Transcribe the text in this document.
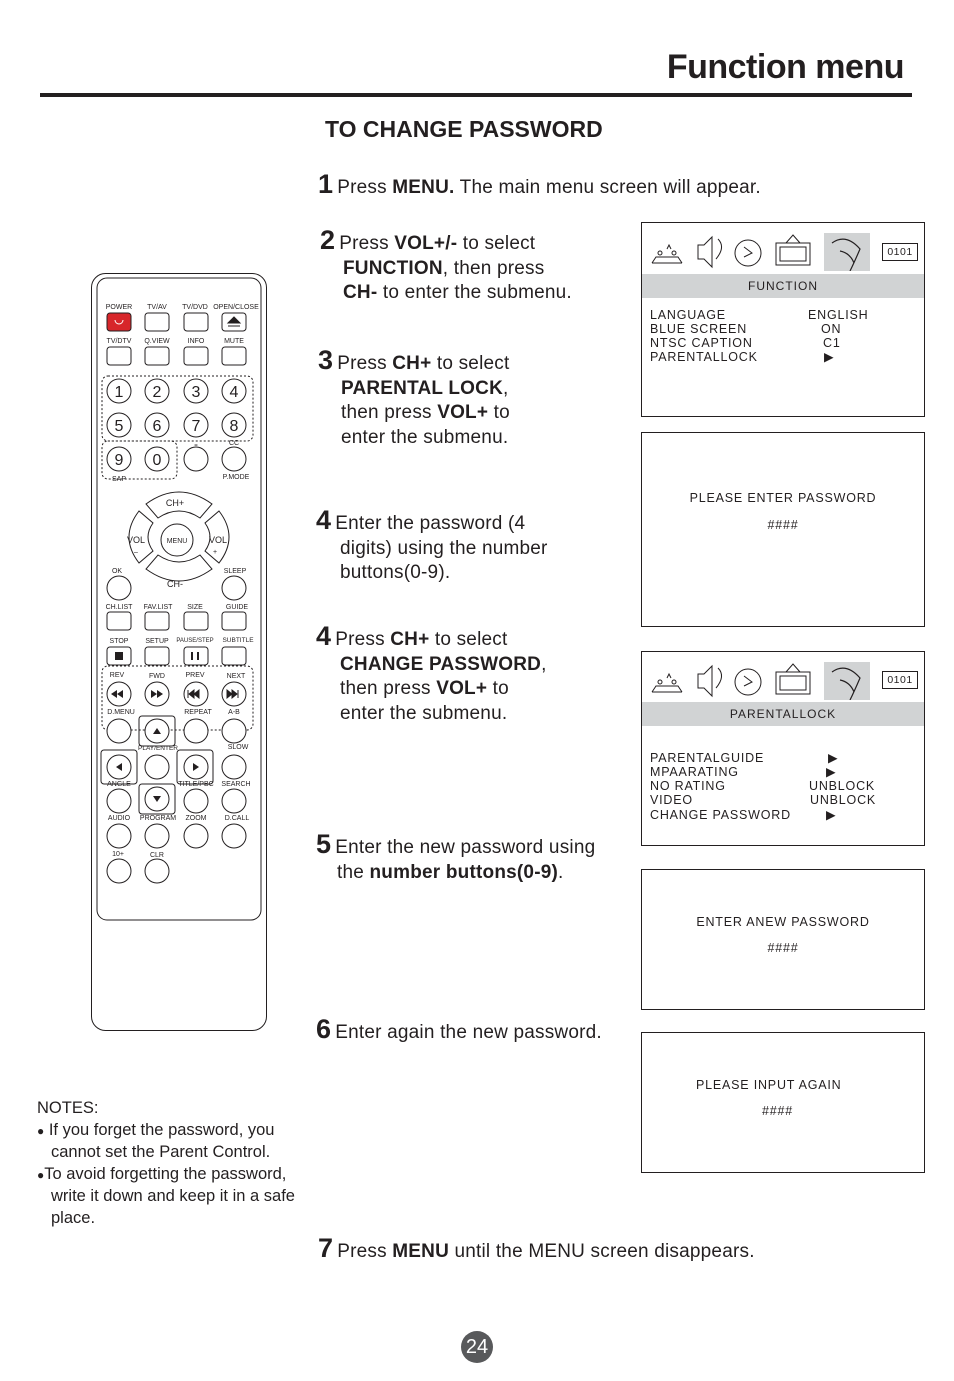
Function menu
TO CHANGE PASSWORD
1 Press MENU. The main menu screen will appear.
2 Press VOL+/- to select
FUNCTION, then press
CH- to enter the submenu.
3 Press CH+ to select
PARENTAL LOCK,
then press VOL+ to
enter the submenu.
4 Enter the password (4
digits) using the number
buttons(0-9).
4 Press CH+ to select
CHANGE PASSWORD,
then press VOL+ to
enter the submenu.
5 Enter the new password using
the number buttons(0-9).
6 Enter again the new password.
7 Press MENU until the MENU screen disappears.
0101
FUNCTION
LANGUAGE	ENGLISH
BLUE SCREEN	ON
NTSC CAPTION	C1
PARENTALLOCK	▶
PLEASE ENTER PASSWORD
####
0101
PARENTALLOCK
PARENTALGUIDE	▶
MPAARATING	▶
NO RATING	UNBLOCK
VIDEO	UNBLOCK
CHANGE PASSWORD	▶
ENTER ANEW PASSWORD
####
PLEASE INPUT AGAIN
####
NOTES:
● If you forget the password, you
cannot set the Parent Control.
●To avoid forgetting the password,
write it down and keep it in a safe
place.
24
POWER TV/AV TV/DVD OPEN/CLOSE
TV/DTV Q.VIEW	INFO	MUTE
1 2 3 4
5 6 7 8
9 0
-	CC
SAP	P.MODE
CH+
CH-
VOL
–
VOL
+
MENU
OK	SLEEP
CH.LIST FAV.LIST SIZE	GUIDE
STOP SETUP PAUSE/STEP SUBTITLE
REV	FWD	PREV	NEXT
D.MENU	REPEAT A-B
PLAY/ENTER	SLOW
ANGLE	TITLE/PBC SEARCH
AUDIO PROGRAM ZOOM	D.CALL
10+	CLR
